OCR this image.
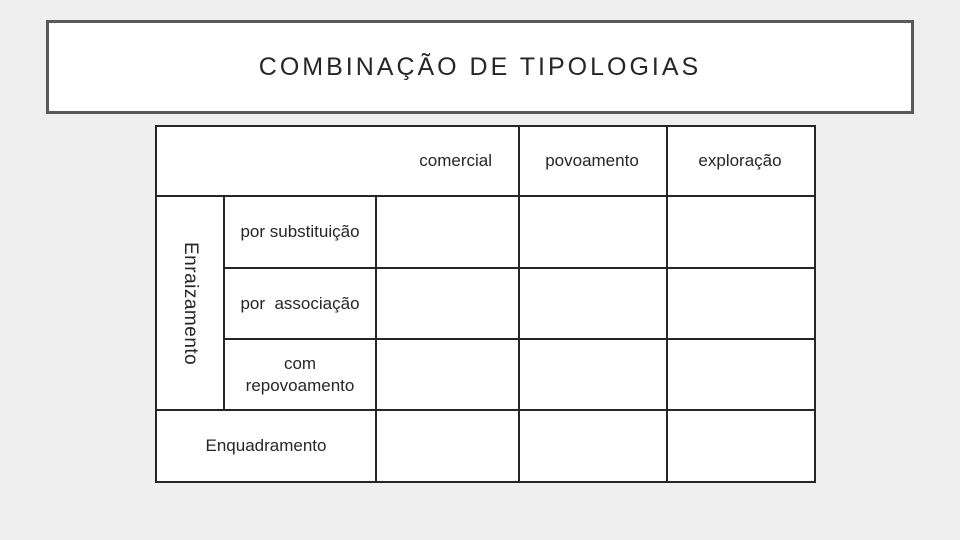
COMBINAÇÃO DE TIPOLOGIAS
comercial	povoamento	exploração
por substituição
por  associação
com repovoamento
Enquadramento
Enraizamento
